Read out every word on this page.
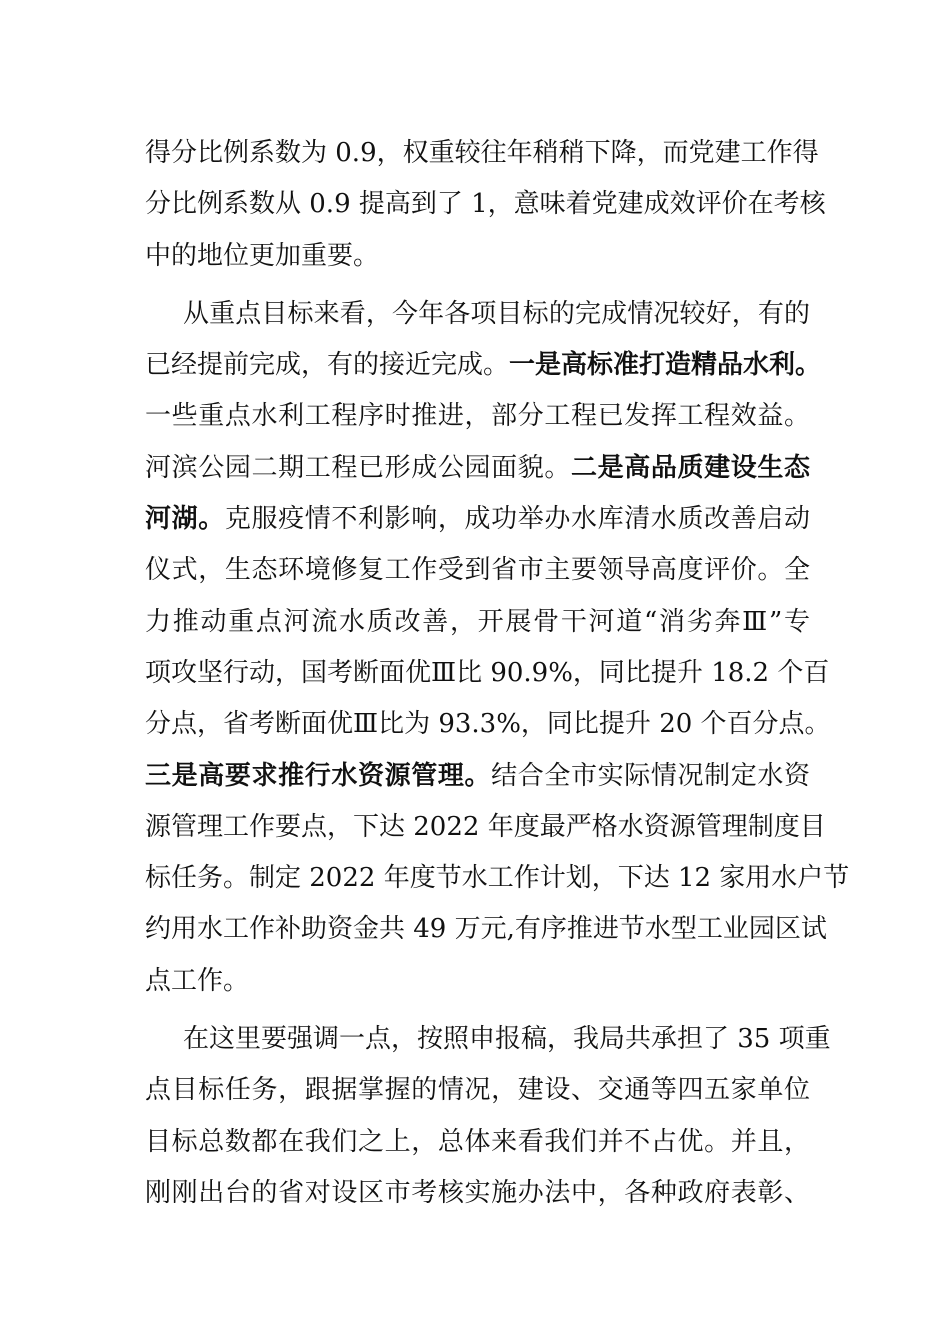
得分比例系数为 0.9，权重较往年稍稍下降，而党建工作得
分比例系数从 0.9 提高到了 1，意味着党建成效评价在考核
中的地位更加重要。
从重点目标来看，今年各项目标的完成情况较好，有的
已经提前完成，有的接近完成。一是高标准打造精品水利。
一些重点水利工程序时推进，部分工程已发挥工程效益。
河滨公园二期工程已形成公园面貌。二是高品质建设生态
河湖。克服疫情不利影响，成功举办水库清水质改善启动
仪式，生态环境修复工作受到省市主要领导高度评价。全
力推动重点河流水质改善，开展骨干河道“消劣奔Ⅲ”专
项攻坚行动，国考断面优Ⅲ比 90.9%，同比提升 18.2 个百
分点，省考断面优Ⅲ比为 93.3%，同比提升 20 个百分点。
三是高要求推行水资源管理。结合全市实际情况制定水资
源管理工作要点，下达 2022 年度最严格水资源管理制度目
标任务。制定 2022 年度节水工作计划，下达 12 家用水户节
约用水工作补助资金共 49 万元,有序推进节水型工业园区试
点工作。
在这里要强调一点，按照申报稿，我局共承担了 35 项重
点目标任务，跟据掌握的情况，建设、交通等四五家单位
目标总数都在我们之上，总体来看我们并不占优。并且，
刚刚出台的省对设区市考核实施办法中，各种政府表彰、
